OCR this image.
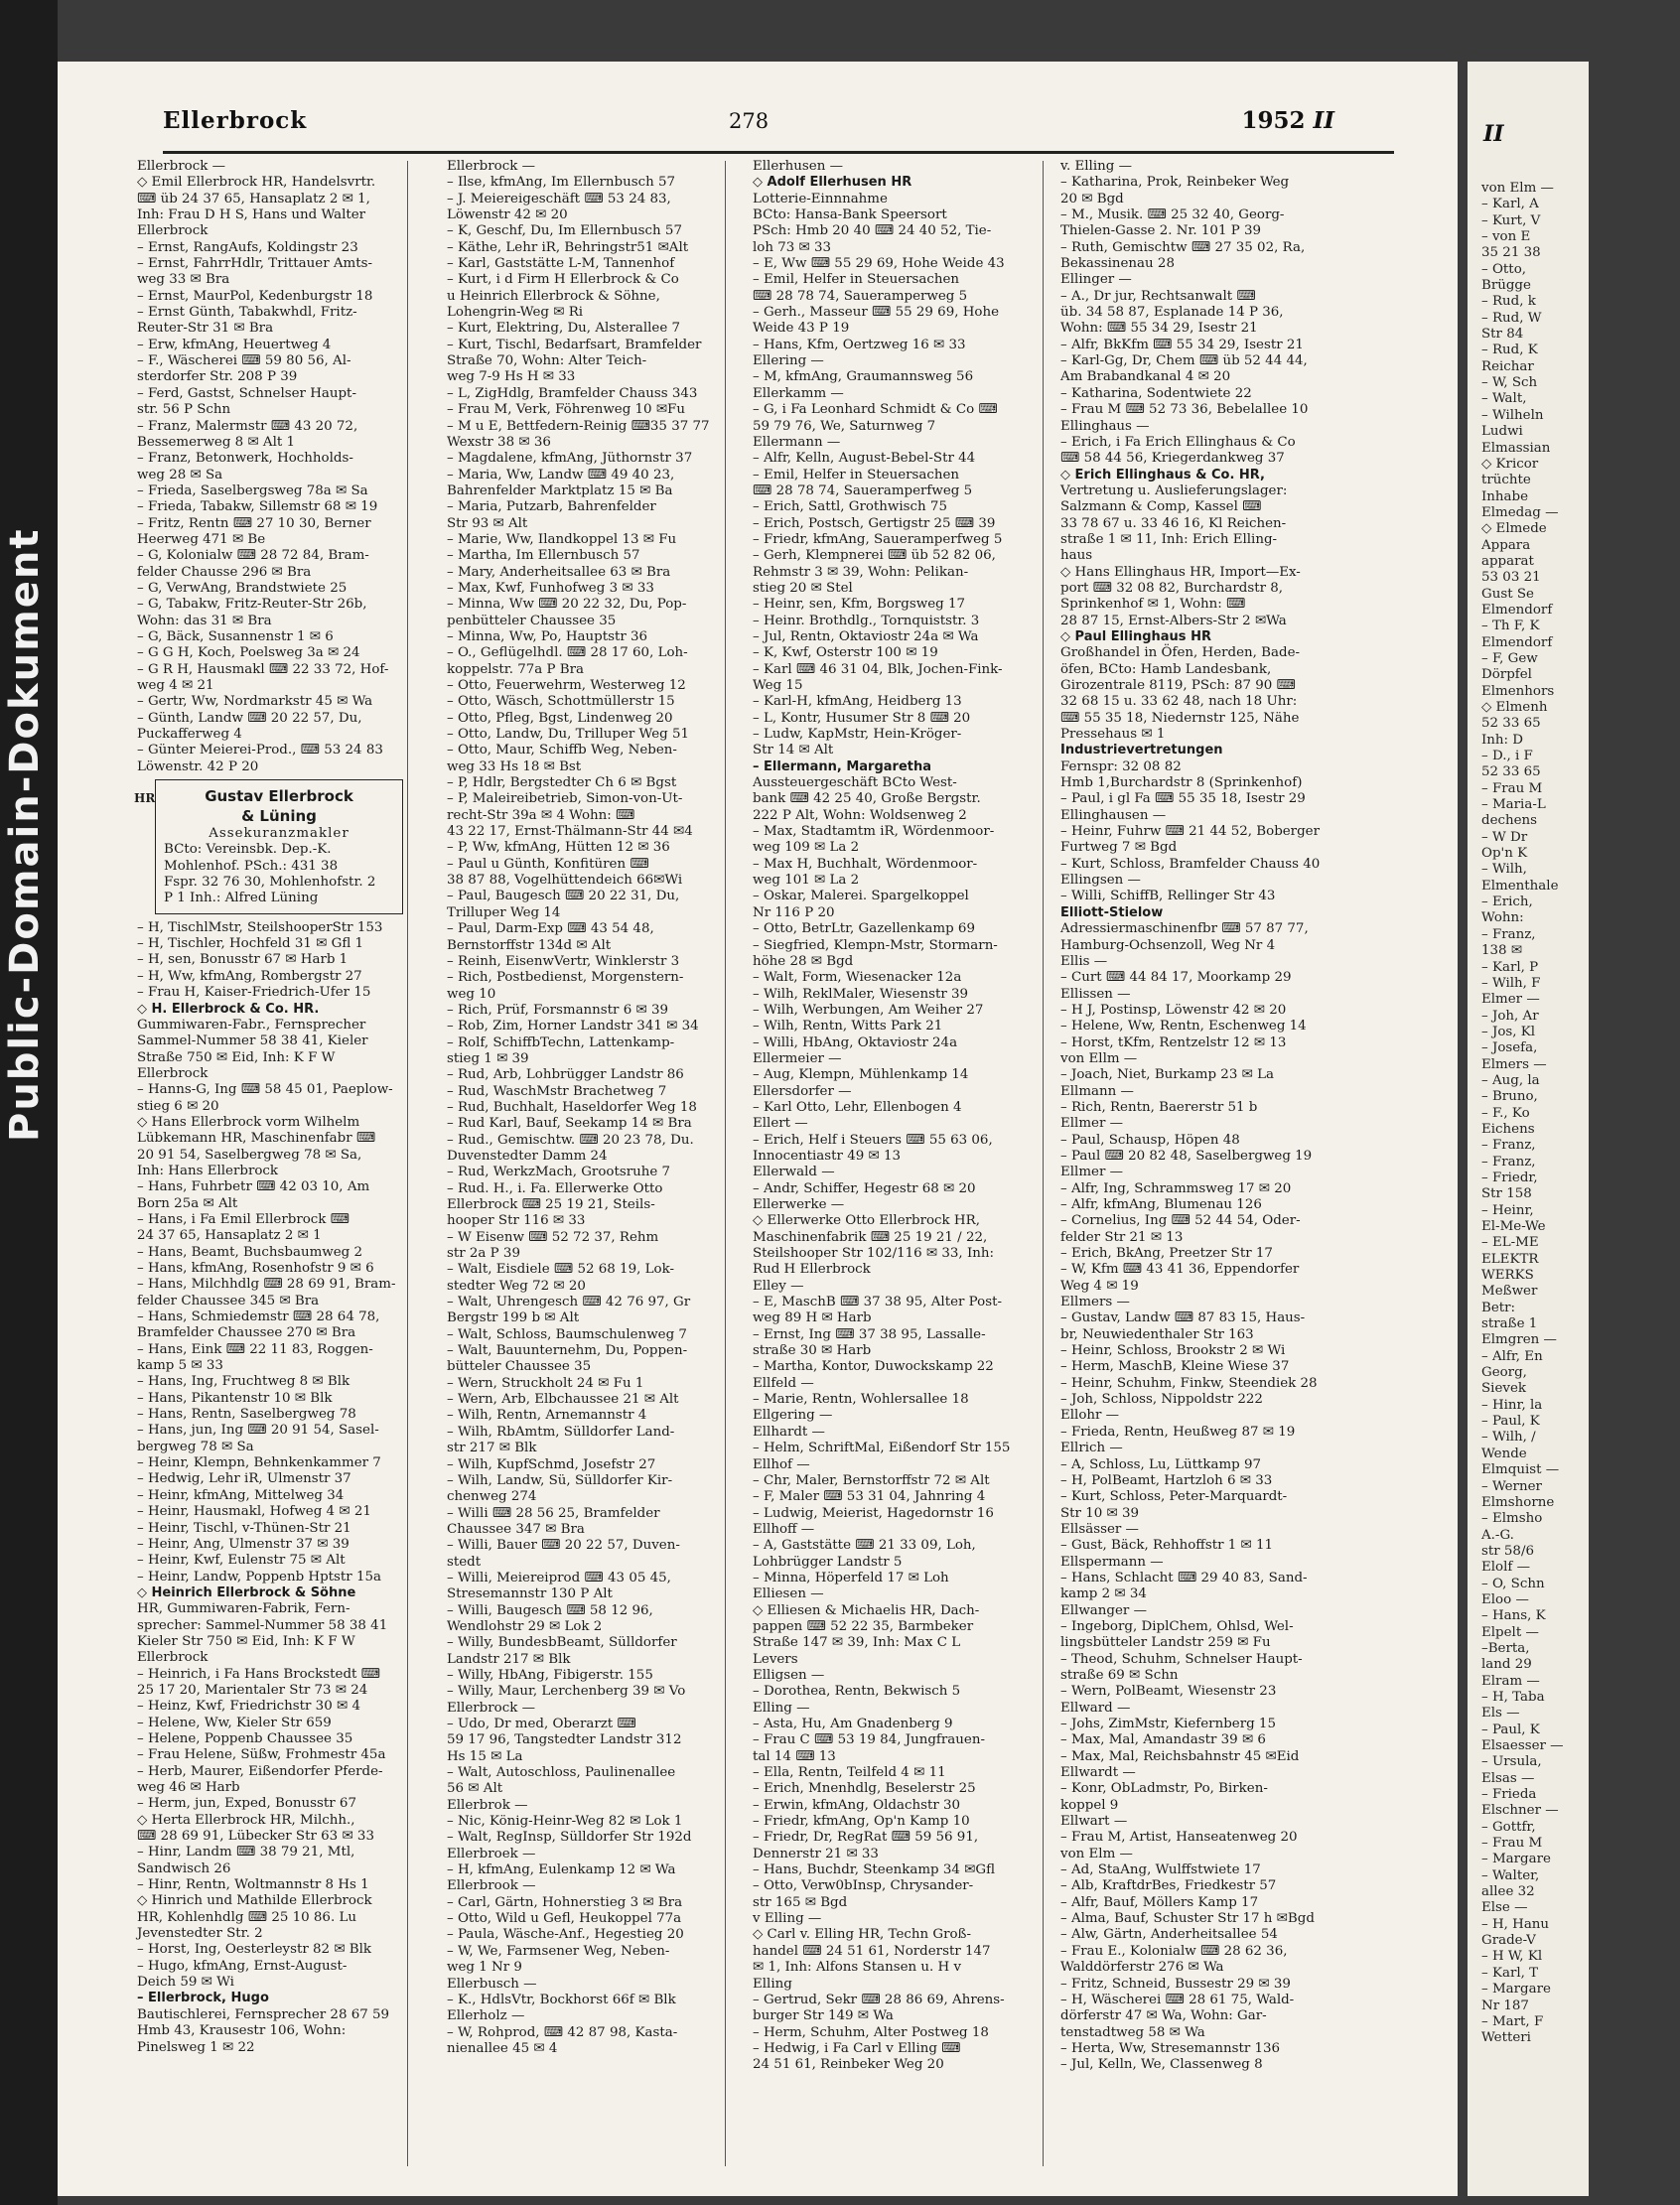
Public-Domain-Dokument
Ellerbrock	278	1952 II
Ellerbrock —
◇ Emil Ellerbrock HR, Handelsvrtr.
⌨ üb 24 37 65, Hansaplatz 2 ✉ 1,
Inh: Frau D H S, Hans und Walter
Ellerbrock
– Ernst, RangAufs, Koldingstr 23
– Ernst, FahrrHdlr, Trittauer Amts-
weg 33 ✉ Bra
– Ernst, MaurPol, Kedenburgstr 18
– Ernst Günth, Tabakwhdl, Fritz-
Reuter-Str 31 ✉ Bra
– Erw, kfmAng, Heuertweg 4
– F., Wäscherei ⌨ 59 80 56, Al-
sterdorfer Str. 208 P 39
– Ferd, Gastst, Schnelser Haupt-
str. 56 P Schn
– Franz, Malermstr ⌨ 43 20 72,
Bessemerweg 8 ✉ Alt 1
– Franz, Betonwerk, Hochholds-
weg 28 ✉ Sa
– Frieda, Saselbergsweg 78a ✉ Sa
– Frieda, Tabakw, Sillemstr 68 ✉ 19
– Fritz, Rentn ⌨ 27 10 30, Berner
Heerweg 471 ✉ Be
– G, Kolonialw ⌨ 28 72 84, Bram-
felder Chausse 296 ✉ Bra
– G, VerwAng, Brandstwiete 25
– G, Tabakw, Fritz-Reuter-Str 26b,
Wohn: das 31 ✉ Bra
– G, Bäck, Susannenstr 1 ✉ 6
– G G H, Koch, Poelsweg 3a ✉ 24
– G R H, Hausmakl ⌨ 22 33 72, Hof-
weg 4 ✉ 21
– Gertr, Ww, Nordmarkstr 45 ✉ Wa
– Günth, Landw ⌨ 20 22 57, Du,
Puckafferweg 4
– Günter Meierei-Prod., ⌨ 53 24 83
Löwenstr. 42 P 20
HR	Gustav Ellerbrock
& Lüning
Assekuranzmakler
BCto: Vereinsbk. Dep.-K.
Mohlenhof. PSch.: 431 38
Fspr. 32 76 30, Mohlenhofstr. 2
P 1 Inh.: Alfred Lüning
– H, TischlMstr, SteilshooperStr 153
– H, Tischler, Hochfeld 31 ✉ Gfl 1
– H, sen, Bonusstr 67 ✉ Harb 1
– H, Ww, kfmAng, Rombergstr 27
– Frau H, Kaiser-Friedrich-Ufer 15
◇ H. Ellerbrock & Co. HR.
Gummiwaren-Fabr., Fernsprecher
Sammel-Nummer 58 38 41, Kieler
Straße 750 ✉ Eid, Inh: K F W
Ellerbrock
– Hanns-G, Ing ⌨ 58 45 01, Paeplow-
stieg 6 ✉ 20
◇ Hans Ellerbrock vorm Wilhelm
Lübkemann HR, Maschinenfabr ⌨
20 91 54, Saselbergweg 78 ✉ Sa,
Inh: Hans Ellerbrock
– Hans, Fuhrbetr ⌨ 42 03 10, Am
Born 25a ✉ Alt
– Hans, i Fa Emil Ellerbrock ⌨
24 37 65, Hansaplatz 2 ✉ 1
– Hans, Beamt, Buchsbaumweg 2
– Hans, kfmAng, Rosenhofstr 9 ✉ 6
– Hans, Milchhdlg ⌨ 28 69 91, Bram-
felder Chaussee 345 ✉ Bra
– Hans, Schmiedemstr ⌨ 28 64 78,
Bramfelder Chaussee 270 ✉ Bra
– Hans, Eink ⌨ 22 11 83, Roggen-
kamp 5 ✉ 33
– Hans, Ing, Fruchtweg 8 ✉ Blk
– Hans, Pikantenstr 10 ✉ Blk
– Hans, Rentn, Saselbergweg 78
– Hans, jun, Ing ⌨ 20 91 54, Sasel-
bergweg 78 ✉ Sa
– Heinr, Klempn, Behnkenkammer 7
– Hedwig, Lehr iR, Ulmenstr 37
– Heinr, kfmAng, Mittelweg 34
– Heinr, Hausmakl, Hofweg 4 ✉ 21
– Heinr, Tischl, v-Thünen-Str 21
– Heinr, Ang, Ulmenstr 37 ✉ 39
– Heinr, Kwf, Eulenstr 75 ✉ Alt
– Heinr, Landw, Poppenb Hptstr 15a
◇ Heinrich Ellerbrock & Söhne
HR, Gummiwaren-Fabrik, Fern-
sprecher: Sammel-Nummer 58 38 41
Kieler Str 750 ✉ Eid, Inh: K F W
Ellerbrock
– Heinrich, i Fa Hans Brockstedt ⌨
25 17 20, Marientaler Str 73 ✉ 24
– Heinz, Kwf, Friedrichstr 30 ✉ 4
– Helene, Ww, Kieler Str 659
– Helene, Poppenb Chaussee 35
– Frau Helene, Süßw, Frohmestr 45a
– Herb, Maurer, Eißendorfer Pferde-
weg 46 ✉ Harb
– Herm, jun, Exped, Bonusstr 67
◇ Herta Ellerbrock HR, Milchh.,
⌨ 28 69 91, Lübecker Str 63 ✉ 33
– Hinr, Landm ⌨ 38 79 21, Mtl,
Sandwisch 26
– Hinr, Rentn, Woltmannstr 8 Hs 1
◇ Hinrich und Mathilde Ellerbrock
HR, Kohlenhdlg ⌨ 25 10 86. Lu
Jevenstedter Str. 2
– Horst, Ing, Oesterleystr 82 ✉ Blk
– Hugo, kfmAng, Ernst-August-
Deich 59 ✉ Wi
– Ellerbrock, Hugo
Bautischlerei, Fernsprecher 28 67 59
Hmb 43, Krausestr 106, Wohn:
Pinelsweg 1 ✉ 22
Ellerbrock —
– Ilse, kfmAng, Im Ellernbusch 57
– J. Meiereigeschäft ⌨ 53 24 83,
Löwenstr 42 ✉ 20
– K, Geschf, Du, Im Ellernbusch 57
– Käthe, Lehr iR, Behringstr51 ✉Alt
– Karl, Gaststätte L-M, Tannenhof
– Kurt, i d Firm H Ellerbrock & Co
u Heinrich Ellerbrock & Söhne,
Lohengrin-Weg ✉ Ri
– Kurt, Elektring, Du, Alsterallee 7
– Kurt, Tischl, Bedarfsart, Bramfelder
Straße 70, Wohn: Alter Teich-
weg 7-9 Hs H ✉ 33
– L, ZigHdlg, Bramfelder Chauss 343
– Frau M, Verk, Föhrenweg 10 ✉Fu
– M u E, Bettfedern-Reinig ⌨35 37 77
Wexstr 38 ✉ 36
– Magdalene, kfmAng, Jüthornstr 37
– Maria, Ww, Landw ⌨ 49 40 23,
Bahrenfelder Marktplatz 15 ✉ Ba
– Maria, Putzarb, Bahrenfelder
Str 93 ✉ Alt
– Marie, Ww, Ilandkoppel 13 ✉ Fu
– Martha, Im Ellernbusch 57
– Mary, Anderheitsallee 63 ✉ Bra
– Max, Kwf, Funhofweg 3 ✉ 33
– Minna, Ww ⌨ 20 22 32, Du, Pop-
penbütteler Chaussee 35
– Minna, Ww, Po, Hauptstr 36
– O., Geflügelhdl. ⌨ 28 17 60, Loh-
koppelstr. 77a P Bra
– Otto, Feuerwehrm, Westerweg 12
– Otto, Wäsch, Schottmüllerstr 15
– Otto, Pfleg, Bgst, Lindenweg 20
– Otto, Landw, Du, Trilluper Weg 51
– Otto, Maur, Schiffb Weg, Neben-
weg 33 Hs 18 ✉ Bst
– P, Hdlr, Bergstedter Ch 6 ✉ Bgst
– P, Maleireibetrieb, Simon-von-Ut-
recht-Str 39a ✉ 4 Wohn: ⌨
43 22 17, Ernst-Thälmann-Str 44 ✉4
– P, Ww, kfmAng, Hütten 12 ✉ 36
– Paul u Günth, Konfitüren ⌨
38 87 88, Vogelhüttendeich 66✉Wi
– Paul, Baugesch ⌨ 20 22 31, Du,
Trilluper Weg 14
– Paul, Darm-Exp ⌨ 43 54 48,
Bernstorffstr 134d ✉ Alt
– Reinh, EisenwVertr, Winklerstr 3
– Rich, Postbedienst, Morgenstern-
weg 10
– Rich, Prüf, Forsmannstr 6 ✉ 39
– Rob, Zim, Horner Landstr 341 ✉ 34
– Rolf, SchiffbTechn, Lattenkamp-
stieg 1 ✉ 39
– Rud, Arb, Lohbrügger Landstr 86
– Rud, WaschMstr Brachetweg 7
– Rud, Buchhalt, Haseldorfer Weg 18
– Rud Karl, Bauf, Seekamp 14 ✉ Bra
– Rud., Gemischtw. ⌨ 20 23 78, Du.
Duvenstedter Damm 24
– Rud, WerkzMach, Grootsruhe 7
– Rud. H., i. Fa. Ellerwerke Otto
Ellerbrock ⌨ 25 19 21, Steils-
hooper Str 116 ✉ 33
– W Eisenw ⌨ 52 72 37, Rehm
str 2a P 39
– Walt, Eisdiele ⌨ 52 68 19, Lok-
stedter Weg 72 ✉ 20
– Walt, Uhrengesch ⌨ 42 76 97, Gr
Bergstr 199 b ✉ Alt
– Walt, Schloss, Baumschulenweg 7
– Walt, Bauunternehm, Du, Poppen-
bütteler Chaussee 35
– Wern, Struckholt 24 ✉ Fu 1
– Wern, Arb, Elbchaussee 21 ✉ Alt
– Wilh, Rentn, Arnemannstr 4
– Wilh, RbAmtm, Sülldorfer Land-
str 217 ✉ Blk
– Wilh, KupfSchmd, Josefstr 27
– Wilh, Landw, Sü, Sülldorfer Kir-
chenweg 274
– Willi ⌨ 28 56 25, Bramfelder
Chaussee 347 ✉ Bra
– Willi, Bauer ⌨ 20 22 57, Duven-
stedt
– Willi, Meiereiprod ⌨ 43 05 45,
Stresemannstr 130 P Alt
– Willi, Baugesch ⌨ 58 12 96,
Wendlohstr 29 ✉ Lok 2
– Willy, BundesbBeamt, Sülldorfer
Landstr 217 ✉ Blk
– Willy, HbAng, Fibigerstr. 155
– Willy, Maur, Lerchenberg 39 ✉ Vo
Ellerbrock —
– Udo, Dr med, Oberarzt ⌨
59 17 96, Tangstedter Landstr 312
Hs 15 ✉ La
– Walt, Autoschloss, Paulinenallee
56 ✉ Alt
Ellerbrok —
– Nic, König-Heinr-Weg 82 ✉ Lok 1
– Walt, RegInsp, Sülldorfer Str 192d
Ellerbroek —
– H, kfmAng, Eulenkamp 12 ✉ Wa
Ellerbrook —
– Carl, Gärtn, Hohnerstieg 3 ✉ Bra
– Otto, Wild u Gefl, Heukoppel 77a
– Paula, Wäsche-Anf., Hegestieg 20
– W, We, Farmsener Weg, Neben-
weg 1 Nr 9
Ellerbusch —
– K., HdlsVtr, Bockhorst 66f ✉ Blk
Ellerholz —
– W, Rohprod, ⌨ 42 87 98, Kasta-
nienallee 45 ✉ 4
Ellerhusen —
◇ Adolf Ellerhusen HR
Lotterie-Einnnahme
BCto: Hansa-Bank Speersort
PSch: Hmb 20 40 ⌨ 24 40 52, Tie-
loh 73 ✉ 33
– E, Ww ⌨ 55 29 69, Hohe Weide 43
– Emil, Helfer in Steuersachen
⌨ 28 78 74, Saueramperweg 5
– Gerh., Masseur ⌨ 55 29 69, Hohe
Weide 43 P 19
– Hans, Kfm, Oertzweg 16 ✉ 33
Ellering —
– M, kfmAng, Graumannsweg 56
Ellerkamm —
– G, i Fa Leonhard Schmidt & Co ⌨
59 79 76, We, Saturnweg 7
Ellermann —
– Alfr, Kelln, August-Bebel-Str 44
– Emil, Helfer in Steuersachen
⌨ 28 78 74, Saueramperfweg 5
– Erich, Sattl, Grothwisch 75
– Erich, Postsch, Gertigstr 25 ⌨ 39
– Friedr, kfmAng, Saueramperfweg 5
– Gerh, Klempnerei ⌨ üb 52 82 06,
Rehmstr 3 ✉ 39, Wohn: Pelikan-
stieg 20 ✉ Stel
– Heinr, sen, Kfm, Borgsweg 17
– Heinr. Brothdlg., Tornquiststr. 3
– Jul, Rentn, Oktaviostr 24a ✉ Wa
– K, Kwf, Osterstr 100 ✉ 19
– Karl ⌨ 46 31 04, Blk, Jochen-Fink-
Weg 15
– Karl-H, kfmAng, Heidberg 13
– L, Kontr, Husumer Str 8 ⌨ 20
– Ludw, KapMstr, Hein-Kröger-
Str 14 ✉ Alt
– Ellermann, Margaretha
Aussteuergeschäft BCto West-
bank ⌨ 42 25 40, Große Bergstr.
222 P Alt, Wohn: Woldsenweg 2
– Max, Stadtamtm iR, Wördenmoor-
weg 109 ✉ La 2
– Max H, Buchhalt, Wördenmoor-
weg 101 ✉ La 2
– Oskar, Malerei. Spargelkoppel
Nr 116 P 20
– Otto, BetrLtr, Gazellenkamp 69
– Siegfried, Klempn-Mstr, Stormarn-
höhe 28 ✉ Bgd
– Walt, Form, Wiesenacker 12a
– Wilh, ReklMaler, Wiesenstr 39
– Wilh, Werbungen, Am Weiher 27
– Wilh, Rentn, Witts Park 21
– Willi, HbAng, Oktaviostr 24a
Ellermeier —
– Aug, Klempn, Mühlenkamp 14
Ellersdorfer —
– Karl Otto, Lehr, Ellenbogen 4
Ellert —
– Erich, Helf i Steuers ⌨ 55 63 06,
Innocentiastr 49 ✉ 13
Ellerwald —
– Andr, Schiffer, Hegestr 68 ✉ 20
Ellerwerke —
◇ Ellerwerke Otto Ellerbrock HR,
Maschinenfabrik ⌨ 25 19 21 / 22,
Steilshooper Str 102/116 ✉ 33, Inh:
Rud H Ellerbrock
Elley —
– E, MaschB ⌨ 37 38 95, Alter Post-
weg 89 H ✉ Harb
– Ernst, Ing ⌨ 37 38 95, Lassalle-
straße 30 ✉ Harb
– Martha, Kontor, Duwockskamp 22
Ellfeld —
– Marie, Rentn, Wohlersallee 18
Ellgering —
Ellhardt —
– Helm, SchriftMal, Eißendorf Str 155
Ellhof —
– Chr, Maler, Bernstorffstr 72 ✉ Alt
– F, Maler ⌨ 53 31 04, Jahnring 4
– Ludwig, Meierist, Hagedornstr 16
Ellhoff —
– A, Gaststätte ⌨ 21 33 09, Loh,
Lohbrügger Landstr 5
– Minna, Höperfeld 17 ✉ Loh
Elliesen —
◇ Elliesen & Michaelis HR, Dach-
pappen ⌨ 52 22 35, Barmbeker
Straße 147 ✉ 39, Inh: Max C L
Levers
Elligsen —
– Dorothea, Rentn, Bekwisch 5
Elling —
– Asta, Hu, Am Gnadenberg 9
– Frau C ⌨ 53 19 84, Jungfrauen-
tal 14 ⌨ 13
– Ella, Rentn, Teilfeld 4 ✉ 11
– Erich, Mnenhdlg, Beselerstr 25
– Erwin, kfmAng, Oldachstr 30
– Friedr, kfmAng, Op'n Kamp 10
– Friedr, Dr, RegRat ⌨ 59 56 91,
Dennerstr 21 ✉ 33
– Hans, Buchdr, Steenkamp 34 ✉Gfl
– Otto, Verw0bInsp, Chrysander-
str 165 ✉ Bgd
v Elling —
◇ Carl v. Elling HR, Techn Groß-
handel ⌨ 24 51 61, Norderstr 147
✉ 1, Inh: Alfons Stansen u. H v
Elling
– Gertrud, Sekr ⌨ 28 86 69, Ahrens-
burger Str 149 ✉ Wa
– Herm, Schuhm, Alter Postweg 18
– Hedwig, i Fa Carl v Elling ⌨
24 51 61, Reinbeker Weg 20
v. Elling —
– Katharina, Prok, Reinbeker Weg
20 ✉ Bgd
– M., Musik. ⌨ 25 32 40, Georg-
Thielen-Gasse 2. Nr. 101 P 39
– Ruth, Gemischtw ⌨ 27 35 02, Ra,
Bekassinenau 28
Ellinger —
– A., Dr jur, Rechtsanwalt ⌨
üb. 34 58 87, Esplanade 14 P 36,
Wohn: ⌨ 55 34 29, Isestr 21
– Alfr, BkKfm ⌨ 55 34 29, Isestr 21
– Karl-Gg, Dr, Chem ⌨ üb 52 44 44,
Am Brabandkanal 4 ✉ 20
– Katharina, Sodentwiete 22
– Frau M ⌨ 52 73 36, Bebelallee 10
Ellinghaus —
– Erich, i Fa Erich Ellinghaus & Co
⌨ 58 44 56, Kriegerdankweg 37
◇ Erich Ellinghaus & Co. HR,
Vertretung u. Auslieferungslager:
Salzmann & Comp, Kassel ⌨
33 78 67 u. 33 46 16, Kl Reichen-
straße 1 ✉ 11, Inh: Erich Elling-
haus
◇ Hans Ellinghaus HR, Import—Ex-
port ⌨ 32 08 82, Burchardstr 8,
Sprinkenhof ✉ 1, Wohn: ⌨
28 87 15, Ernst-Albers-Str 2 ✉Wa
◇ Paul Ellinghaus HR
Großhandel in Öfen, Herden, Bade-
öfen, BCto: Hamb Landesbank,
Girozentrale 8119, PSch: 87 90 ⌨
32 68 15 u. 33 62 48, nach 18 Uhr:
⌨ 55 35 18, Niedernstr 125, Nähe
Pressehaus ✉ 1
Industrievertretungen
Fernspr: 32 08 82
Hmb 1,Burchardstr 8 (Sprinkenhof)
– Paul, i gl Fa ⌨ 55 35 18, Isestr 29
Ellinghausen —
– Heinr, Fuhrw ⌨ 21 44 52, Boberger
Furtweg 7 ✉ Bgd
– Kurt, Schloss, Bramfelder Chauss 40
Ellingsen —
– Willi, SchiffB, Rellinger Str 43
Elliott-Stielow
Adressiermaschinenfbr ⌨ 57 87 77,
Hamburg-Ochsenzoll, Weg Nr 4
Ellis —
– Curt ⌨ 44 84 17, Moorkamp 29
Ellissen —
– H J, Postinsp, Löwenstr 42 ✉ 20
– Helene, Ww, Rentn, Eschenweg 14
– Horst, tKfm, Rentzelstr 12 ✉ 13
von Ellm —
– Joach, Niet, Burkamp 23 ✉ La
Ellmann —
– Rich, Rentn, Baererstr 51 b
Ellmer —
– Paul, Schausp, Höpen 48
– Paul ⌨ 20 82 48, Saselbergweg 19
Ellmer —
– Alfr, Ing, Schrammsweg 17 ✉ 20
– Alfr, kfmAng, Blumenau 126
– Cornelius, Ing ⌨ 52 44 54, Oder-
felder Str 21 ✉ 13
– Erich, BkAng, Preetzer Str 17
– W, Kfm ⌨ 43 41 36, Eppendorfer
Weg 4 ✉ 19
Ellmers —
– Gustav, Landw ⌨ 87 83 15, Haus-
br, Neuwiedenthaler Str 163
– Heinr, Schloss, Brookstr 2 ✉ Wi
– Herm, MaschB, Kleine Wiese 37
– Heinr, Schuhm, Finkw, Steendiek 28
– Joh, Schloss, Nippoldstr 222
Ellohr —
– Frieda, Rentn, Heußweg 87 ✉ 19
Ellrich —
– A, Schloss, Lu, Lüttkamp 97
– H, PolBeamt, Hartzloh 6 ✉ 33
– Kurt, Schloss, Peter-Marquardt-
Str 10 ✉ 39
Ellsässer —
– Gust, Bäck, Rehhoffstr 1 ✉ 11
Ellspermann —
– Hans, Schlacht ⌨ 29 40 83, Sand-
kamp 2 ✉ 34
Ellwanger —
– Ingeborg, DiplChem, Ohlsd, Wel-
lingsbütteler Landstr 259 ✉ Fu
– Theod, Schuhm, Schnelser Haupt-
straße 69 ✉ Schn
– Wern, PolBeamt, Wiesenstr 23
Ellward —
– Johs, ZimMstr, Kiefernberg 15
– Max, Mal, Amandastr 39 ✉ 6
– Max, Mal, Reichsbahnstr 45 ✉Eid
Ellwardt —
– Konr, ObLadmstr, Po, Birken-
koppel 9
Ellwart —
– Frau M, Artist, Hanseatenweg 20
von Elm —
– Ad, StaAng, Wulffstwiete 17
– Alb, KraftdrBes, Friedkestr 57
– Alfr, Bauf, Möllers Kamp 17
– Alma, Bauf, Schuster Str 17 h ✉Bgd
– Alw, Gärtn, Anderheitsallee 54
– Frau E., Kolonialw ⌨ 28 62 36,
Walddörferstr 276 ✉ Wa
– Fritz, Schneid, Bussestr 29 ✉ 39
– H, Wäscherei ⌨ 28 61 75, Wald-
dörferstr 47 ✉ Wa, Wohn: Gar-
tenstadtweg 58 ✉ Wa
– Herta, Ww, Stresemannstr 136
– Jul, Kelln, We, Classenweg 8
II
von Elm —
– Karl, A
– Kurt, V
– von E
35 21 38
– Otto,
Brügge
– Rud, k
– Rud, W
Str 84
– Rud, K
Reichar
– W, Sch
– Walt,
– Wilheln
Ludwi
Elmassian
◇ Kricor
trüchte
Inhabe
Elmedag —
◇ Elmede
Appara
apparat
53 03 21
Gust Se
Elmendorf
– Th F, K
Elmendorf
– F, Gew
Dörpfel
Elmenhors
◇ Elmenh
52 33 65
Inh: D
– D., i F
52 33 65
– Frau M
– Maria-L
dechens
– W Dr
Op'n K
– Wilh,
Elmenthale
– Erich,
Wohn:
– Franz,
138 ✉
– Karl, P
– Wilh, F
Elmer —
– Joh, Ar
– Jos, Kl
– Josefa,
Elmers —
– Aug, la
– Bruno,
– F., Ko
Eichens
– Franz,
– Franz,
– Friedr,
Str 158
– Heinr,
El-Me-We
– EL-ME
ELEKTR
WERKS
Meßwer
Betr:
straße 1
Elmgren —
– Alfr, En
Georg,
Sievek
– Hinr, la
– Paul, K
– Wilh, /
Wende
Elmquist —
– Werner
Elmshorne
– Elmsho
A.-G.
str 58/6
Elolf —
– O, Schn
Eloo —
– Hans, K
Elpelt —
–Berta,
land 29
Elram —
– H, Taba
Els —
– Paul, K
Elsaesser —
– Ursula,
Elsas —
– Frieda
Elschner —
– Gottfr,
– Frau M
– Margare
– Walter,
allee 32
Else —
– H, Hanu
Grade-V
– H W, Kl
– Karl, T
– Margare
Nr 187
– Mart, F
Wetteri
